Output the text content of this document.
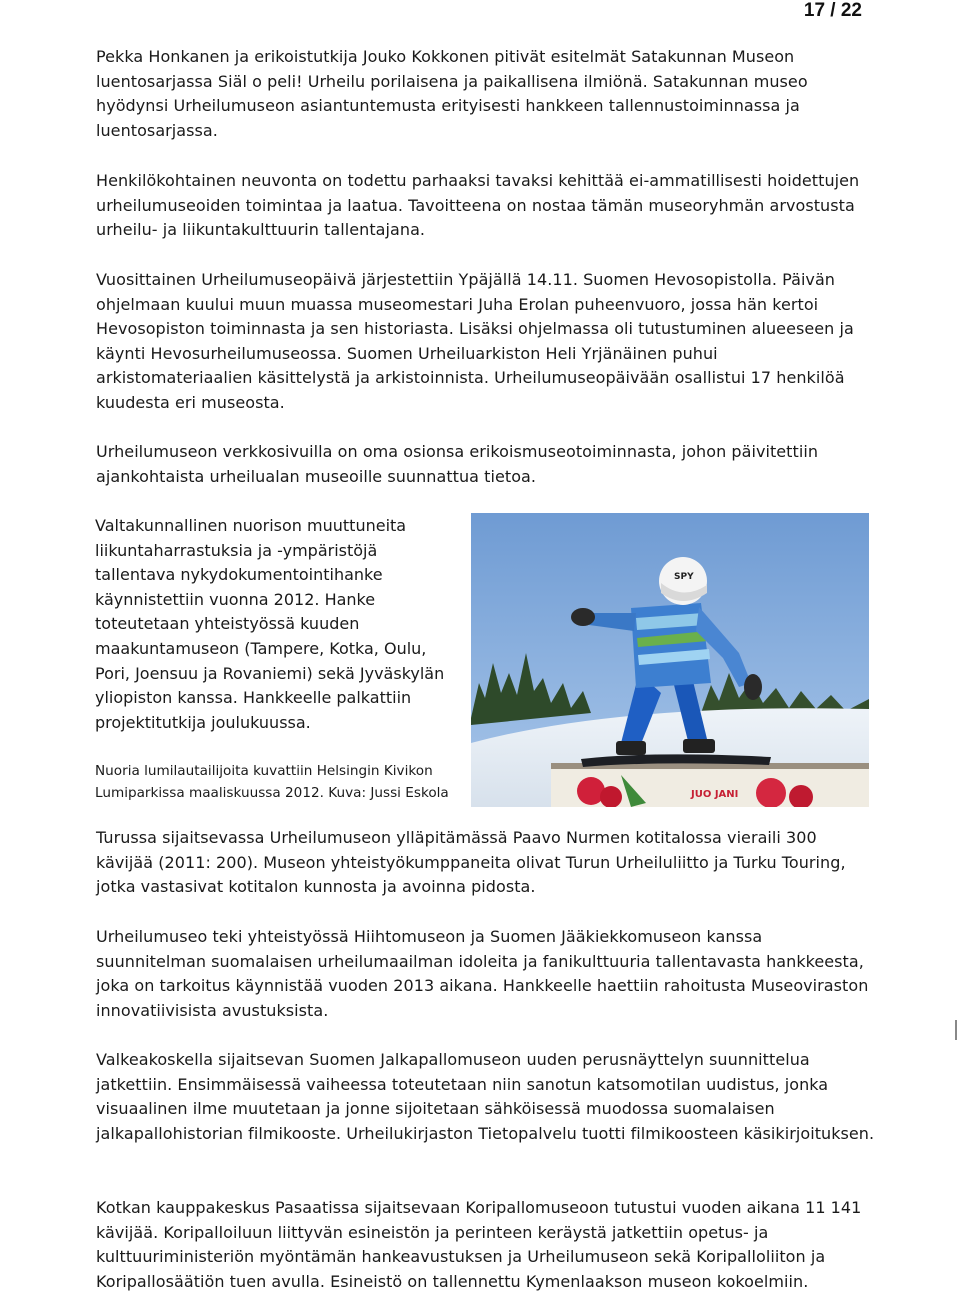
17 / 22

Pekka Honkanen ja erikoistutkija Jouko Kokkonen pitivät esitelmät Satakunnan Museon luentosarjassa Siäl o peli! Urheilu porilaisena ja paikallisena ilmiönä. Satakunnan museo hyödynsi Urheilumuseon asiantuntemusta erityisesti hankkeen tallennustoiminnassa ja luentosarjassa.

Henkilökohtainen neuvonta on todettu parhaaksi tavaksi kehittää ei-ammatillisesti hoidettujen urheilumuseoiden toimintaa ja laatua. Tavoitteena on nostaa tämän museoryhmän arvostusta urheilu- ja liikuntakulttuurin tallentajana.

Vuosittainen Urheilumuseopäivä järjestettiin Ypäjällä 14.11. Suomen Hevosopistolla. Päivän ohjelmaan kuului muun muassa museomestari Juha Erolan puheenvuoro, jossa hän kertoi Hevosopiston toiminnasta ja sen historiasta. Lisäksi ohjelmassa oli tutustuminen alueeseen ja käynti Hevosurheilumuseossa. Suomen Urheiluarkiston Heli Yrjänäinen puhui arkistomateriaalien käsittelystä ja arkistoinnista. Urheilumuseopäivään osallistui 17 henkilöä kuudesta eri museosta.

Urheilumuseon verkkosivuilla on oma osionsa erikoismuseotoiminnasta, johon päivitettiin ajankohtaista urheilualan museoille suunnattua tietoa.

Valtakunnallinen nuorison muuttuneita liikuntaharrastuksia ja -ympäristöjä tallentava nykydokumentointihanke käynnistettiin vuonna 2012. Hanke toteutetaan yhteistyössä kuuden maakuntamuseon (Tampere, Kotka, Oulu, Pori, Joensuu ja Rovaniemi) sekä Jyväskylän yliopiston kanssa. Hankkeelle palkattiin projektitutkija joulukuussa.

JUO JANI
SPY

Nuoria lumilautailijoita kuvattiin Helsingin Kivikon Lumiparkissa maaliskuussa 2012. Kuva: Jussi Eskola

Turussa sijaitsevassa Urheilumuseon ylläpitämässä Paavo Nurmen kotitalossa vieraili 300 kävijää (2011: 200). Museon yhteistyökumppaneita olivat Turun Urheiluliitto ja Turku Touring, jotka vastasivat kotitalon kunnosta ja avoinna pidosta.

Urheilumuseo teki yhteistyössä Hiihtomuseon ja Suomen Jääkiekkomuseon kanssa suunnitelman suomalaisen urheilumaailman idoleita ja fanikulttuuria tallentavasta hankkeesta, joka on tarkoitus käynnistää vuoden 2013 aikana. Hankkeelle haettiin rahoitusta Museoviraston innovatiivisista avustuksista.

Valkeakoskella sijaitsevan Suomen Jalkapallomuseon uuden perusnäyttelyn suunnittelua jatkettiin. Ensimmäisessä vaiheessa toteutetaan niin sanotun katsomotilan uudistus, jonka visuaalinen ilme muutetaan ja jonne sijoitetaan sähköisessä muodossa suomalaisen jalkapallohistorian filmikooste. Urheilukirjaston Tietopalvelu tuotti filmikoosteen käsikirjoituksen.

Kotkan kauppakeskus Pasaatissa sijaitsevaan Koripallomuseoon tutustui vuoden aikana 11 141 kävijää. Koripalloiluun liittyvän esineistön ja perinteen keräystä jatkettiin opetus- ja kulttuuriministeriön myöntämän hankeavustuksen ja Urheilumuseon sekä Koripalloliiton ja Koripallosäätiön tuen avulla. Esineistö on tallennettu Kymenlaakson museon kokoelmiin.
